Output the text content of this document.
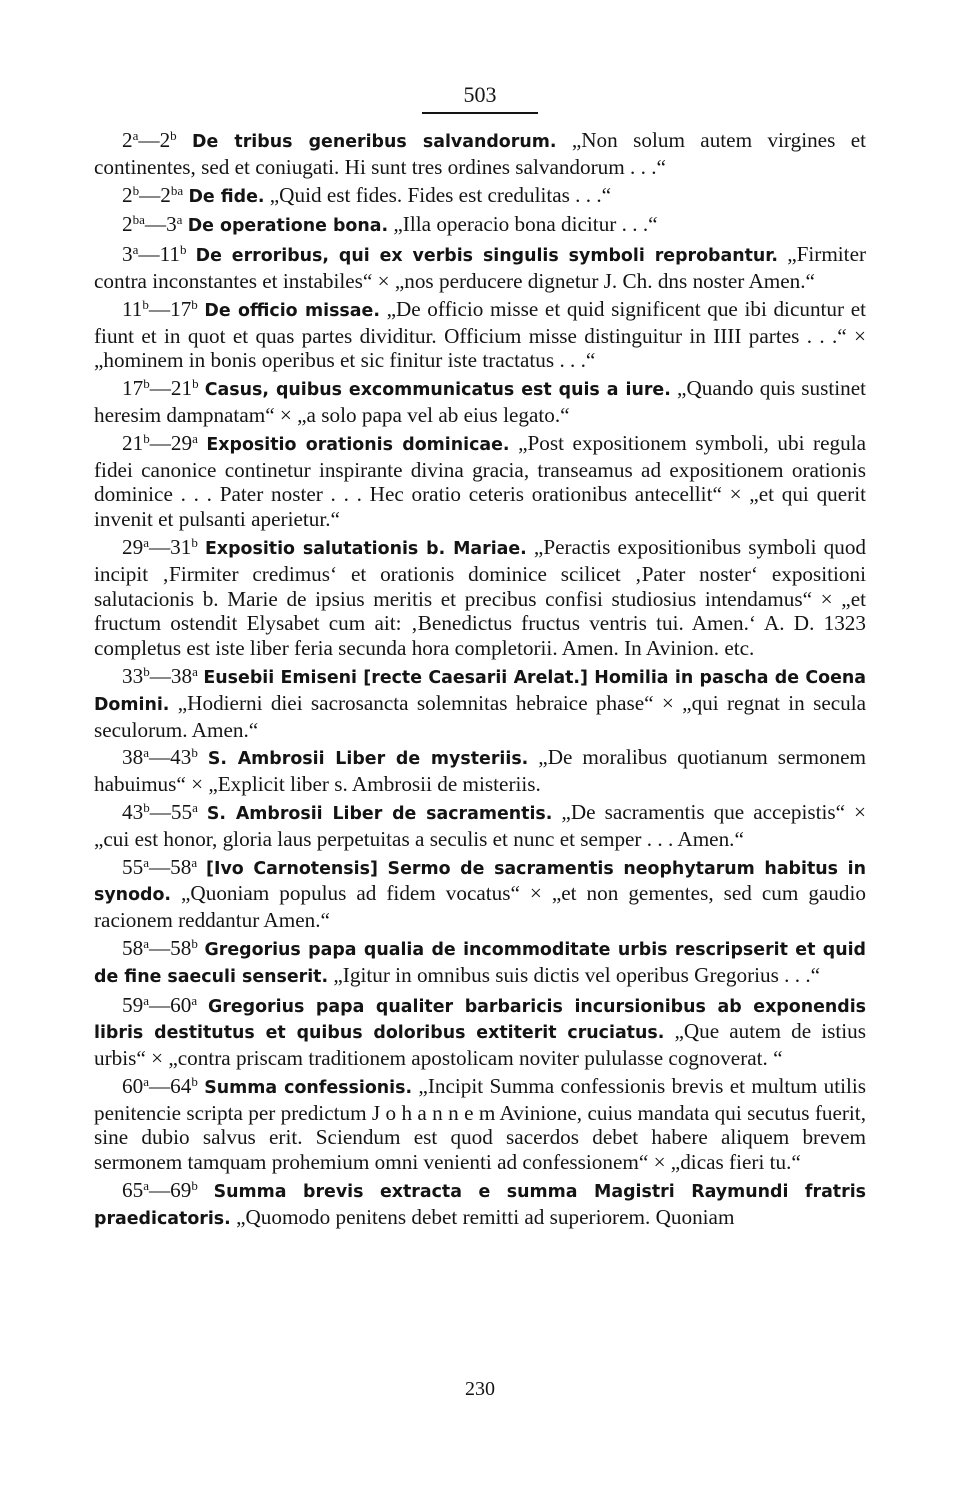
503

2$^a$—2$^b$ De tribus generibus salvandorum. „Non solum autem virgines et continentes, sed et coniugati. Hi sunt tres ordines salvandorum . . .“

$2^b—2^{ba}$ De fide. „Quid est fides. Fides est credulitas . . .“

$2^{ba}—3^a$ De operatione bona. „Illa operacio bona dicitur . . .“

3$^a$—11$^b$ De erroribus, qui ex verbis singulis symboli reprobantur. „Firmiter contra inconstantes et instabiles“ × „nos perducere dignetur J. Ch. dns noster Amen.“

11$^b$—17$^b$ De officio missae. „De officio misse et quid significent que ibi dicuntur et fiunt et in quot et quas partes dividitur. Officium misse distinguitur in IIII partes . . .“ × „hominem in bonis operibus et sic finitur iste tractatus . . .“

17$^b$—21$^b$ Casus, quibus excommunicatus est quis a iure. „Quando quis sustinet heresim dampnatam“ × „a solo papa vel ab eius legato.“

21$^b$—29$^a$ Expositio orationis dominicae. „Post expositionem symboli, ubi regula fidei canonice continetur inspirante divina gracia, transeamus ad expositionem orationis dominice . . . Pater noster . . . Hec oratio ceteris orationibus antecellit“ × „et qui querit invenit et pulsanti aperietur.“

29$^a$—31$^b$ Expositio salutationis b. Mariae. „Peractis expositionibus symboli quod incipit ‚Firmiter credimus‘ et orationis dominice scilicet ‚Pater noster‘ expositioni salutacionis b. Marie de ipsius meritis et precibus confisi studiosius intendamus“ × „et fructum ostendit Elysabet cum ait: ‚Benedictus fructus ventris tui. Amen.‘ A. D. 1323 completus est iste liber feria secunda hora completorii. Amen. In Avinion. etc.

33$^b$—38$^a$ Eusebii Emiseni [recte Caesarii Arelat.] Homilia in pascha de Coena Domini. „Hodierni diei sacrosancta solemnitas hebraice phase“ × „qui regnat in secula seculorum. Amen.“

38$^a$—43$^b$ S. Ambrosii Liber de mysteriis. „De moralibus quotianum sermonem habuimus“ × „Explicit liber s. Ambrosii de misteriis.

43$^b$—55$^a$ S. Ambrosii Liber de sacramentis. „De sacramentis que accepistis“ × „cui est honor, gloria laus perpetuitas a seculis et nunc et semper . . . Amen.“

55$^a$—58$^a$ [Ivo Carnotensis] Sermo de sacramentis neophytarum habitus in synodo. „Quoniam populus ad fidem vocatus“ × „et non gementes, sed cum gaudio racionem reddantur Amen.“

58$^a$—58$^b$ Gregorius papa qualia de incommoditate urbis rescripserit et quid de fine saeculi senserit. „Igitur in omnibus suis dictis vel operibus Gregorius . . .“

59$^a$—60$^a$ Gregorius papa qualiter barbaricis incursionibus ab exponendis libris destitutus et quibus doloribus extiterit cruciatus. „Que autem de istius urbis“ × „contra priscam traditionem apostolicam noviter pululasse cognoverat. “

60$^a$—64$^b$ Summa confessionis. „Incipit Summa confessionis brevis et multum utilis penitencie scripta per predictum J o h a n n e m Avinione, cuius mandata qui secutus fuerit, sine dubio salvus erit. Sciendum est quod sacerdos debet habere aliquem brevem sermonem tamquam prohemium omni venienti ad confessionem“ × „dicas fieri tu.“

65$^a$—69$^b$ Summa brevis extracta e summa Magistri Raymundi fratris praedicatoris. „Quomodo penitens debet remitti ad superiorem. Quoniam

230
